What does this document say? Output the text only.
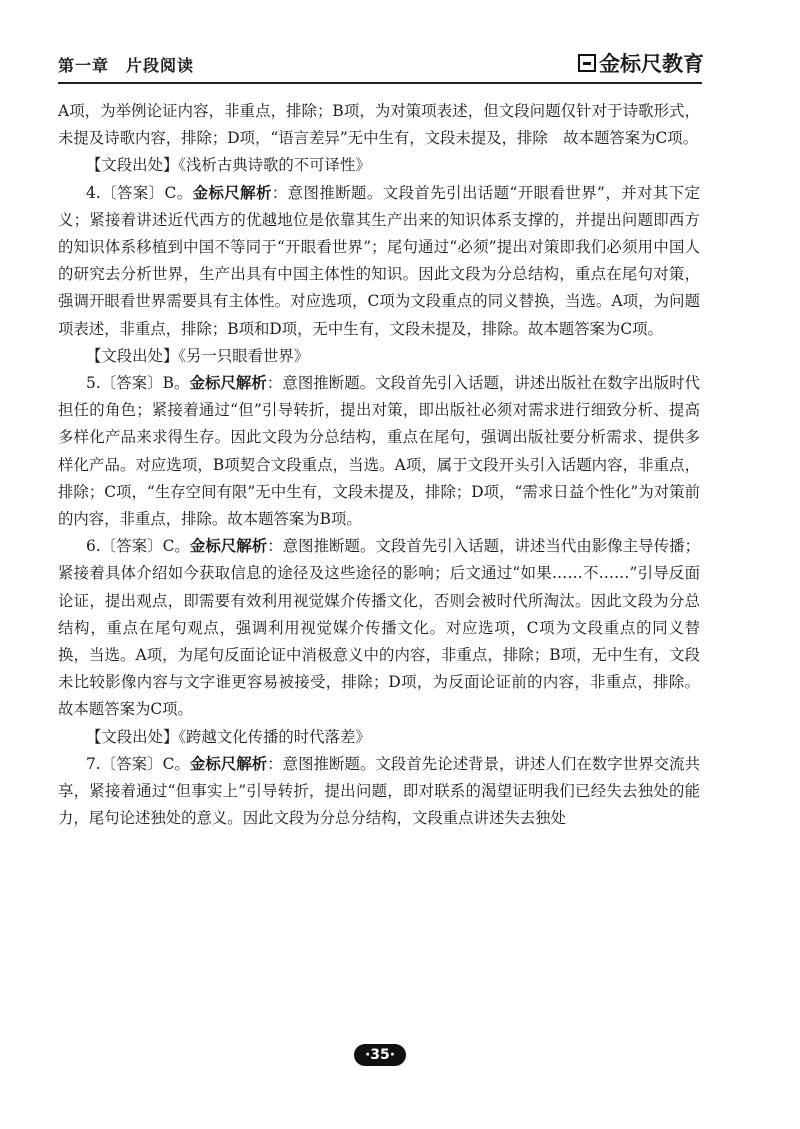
第一章　片段阅读	金标尺教育

A项，为举例论证内容，非重点，排除；B项，为对策项表述，但文段问题仅针对于诗歌形式，未提及诗歌内容，排除；D项，“语言差异”无中生有，文段未提及，排除　故本题答案为C项。

【文段出处】《浅析古典诗歌的不可译性》

4.〔答案〕C。金标尺解析：意图推断题。文段首先引出话题“开眼看世界”，并对其下定义；紧接着讲述近代西方的优越地位是依靠其生产出来的知识体系支撑的，并提出问题即西方的知识体系移植到中国不等同于“开眼看世界”；尾句通过“必须”提出对策即我们必须用中国人的研究去分析世界，生产出具有中国主体性的知识。因此文段为分总结构，重点在尾句对策，强调开眼看世界需要具有主体性。对应选项，C项为文段重点的同义替换，当选。A项，为问题项表述，非重点，排除；B项和D项，无中生有，文段未提及，排除。故本题答案为C项。

【文段出处】《另一只眼看世界》

5.〔答案〕B。金标尺解析：意图推断题。文段首先引入话题，讲述出版社在数字出版时代担任的角色；紧接着通过“但”引导转折，提出对策，即出版社必须对需求进行细致分析、提高多样化产品来求得生存。因此文段为分总结构，重点在尾句，强调出版社要分析需求、提供多样化产品。对应选项，B项契合文段重点，当选。A项，属于文段开头引入话题内容，非重点，排除；C项，“生存空间有限”无中生有，文段未提及，排除；D项，“需求日益个性化”为对策前的内容，非重点，排除。故本题答案为B项。

6.〔答案〕C。金标尺解析：意图推断题。文段首先引入话题，讲述当代由影像主导传播；紧接着具体介绍如今获取信息的途径及这些途径的影响；后文通过“如果……不……”引导反面论证，提出观点，即需要有效利用视觉媒介传播文化，否则会被时代所淘汰。因此文段为分总结构，重点在尾句观点，强调利用视觉媒介传播文化。对应选项，C项为文段重点的同义替换，当选。A项，为尾句反面论证中消极意义中的内容，非重点，排除；B项，无中生有，文段未比较影像内容与文字谁更容易被接受，排除；D项，为反面论证前的内容，非重点，排除。故本题答案为C项。

【文段出处】《跨越文化传播的时代落差》

7.〔答案〕C。金标尺解析：意图推断题。文段首先论述背景，讲述人们在数字世界交流共享，紧接着通过“但事实上”引导转折，提出问题，即对联系的渴望证明我们已经失去独处的能力，尾句论述独处的意义。因此文段为分总分结构，文段重点讲述失去独处

·35·
